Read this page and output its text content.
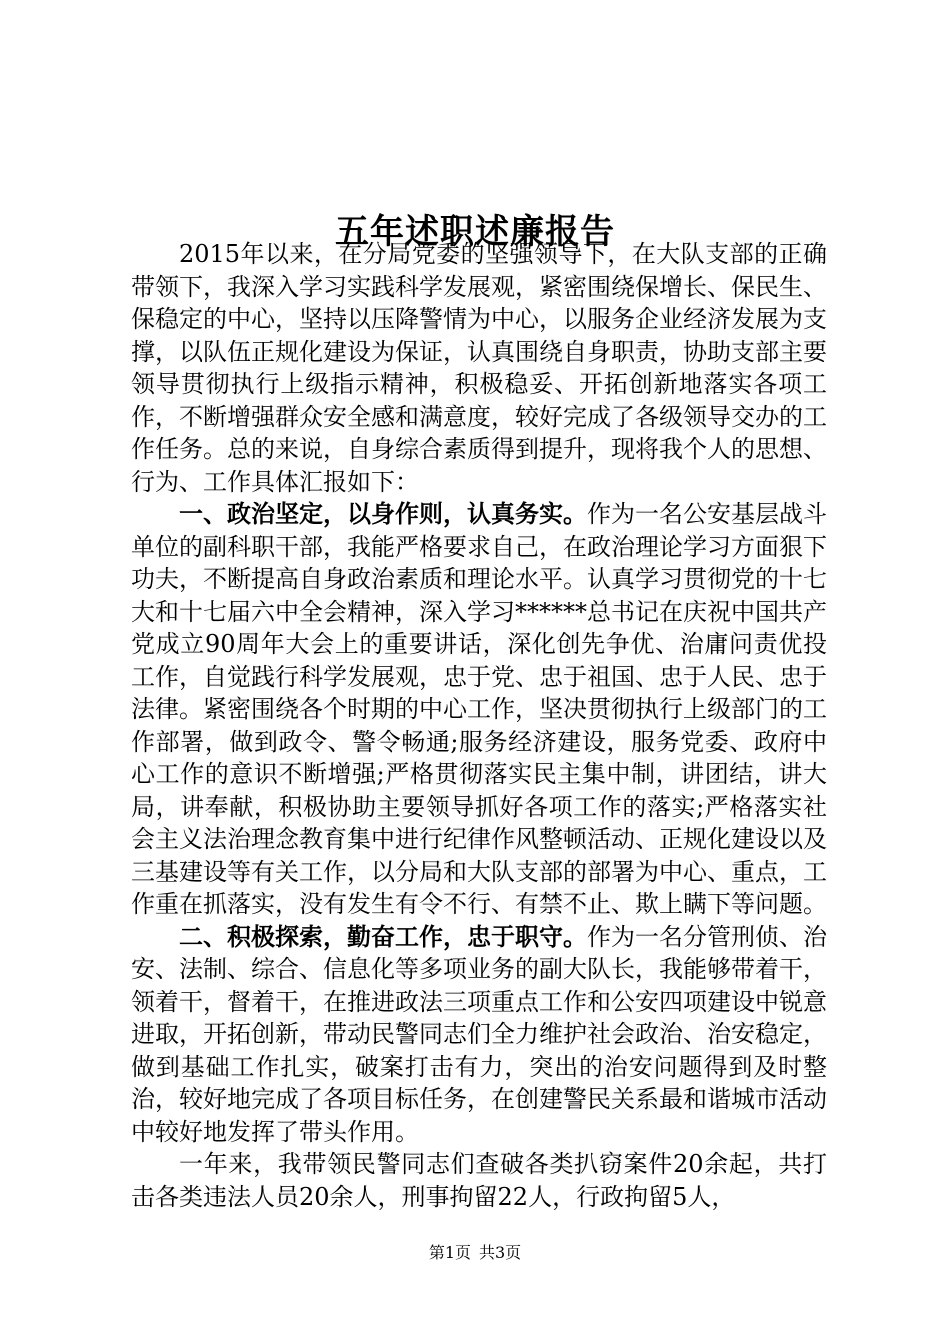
五年述职述廉报告

2015年以来，在分局党委的坚强领导下，在大队支部的正确带领下，我深入学习实践科学发展观，紧密围绕保增长、保民生、保稳定的中心，坚持以压降警情为中心，以服务企业经济发展为支撑，以队伍正规化建设为保证，认真围绕自身职责，协助支部主要领导贯彻执行上级指示精神，积极稳妥、开拓创新地落实各项工作，不断增强群众安全感和满意度，较好完成了各级领导交办的工作任务。总的来说，自身综合素质得到提升，现将我个人的思想、行为、工作具体汇报如下：

一、政治坚定，以身作则，认真务实。作为一名公安基层战斗单位的副科职干部，我能严格要求自己，在政治理论学习方面狠下功夫，不断提高自身政治素质和理论水平。认真学习贯彻党的十七大和十七届六中全会精神，深入学习******总书记在庆祝中国共产党成立90周年大会上的重要讲话，深化创先争优、治庸问责优投工作，自觉践行科学发展观，忠于党、忠于祖国、忠于人民、忠于法律。紧密围绕各个时期的中心工作，坚决贯彻执行上级部门的工作部署，做到政令、警令畅通;服务经济建设，服务党委、政府中心工作的意识不断增强;严格贯彻落实民主集中制，讲团结，讲大局，讲奉献，积极协助主要领导抓好各项工作的落实;严格落实社会主义法治理念教育集中进行纪律作风整顿活动、正规化建设以及三基建设等有关工作，以分局和大队支部的部署为中心、重点，工作重在抓落实，没有发生有令不行、有禁不止、欺上瞒下等问题。

二、积极探索，勤奋工作，忠于职守。作为一名分管刑侦、治安、法制、综合、信息化等多项业务的副大队长，我能够带着干，领着干，督着干，在推进政法三项重点工作和公安四项建设中锐意进取，开拓创新，带动民警同志们全力维护社会政治、治安稳定，做到基础工作扎实，破案打击有力，突出的治安问题得到及时整治，较好地完成了各项目标任务，在创建警民关系最和谐城市活动中较好地发挥了带头作用。

一年来，我带领民警同志们查破各类扒窃案件20余起，共打击各类违法人员20余人，刑事拘留22人，行政拘留5人，

第1页 共3页
